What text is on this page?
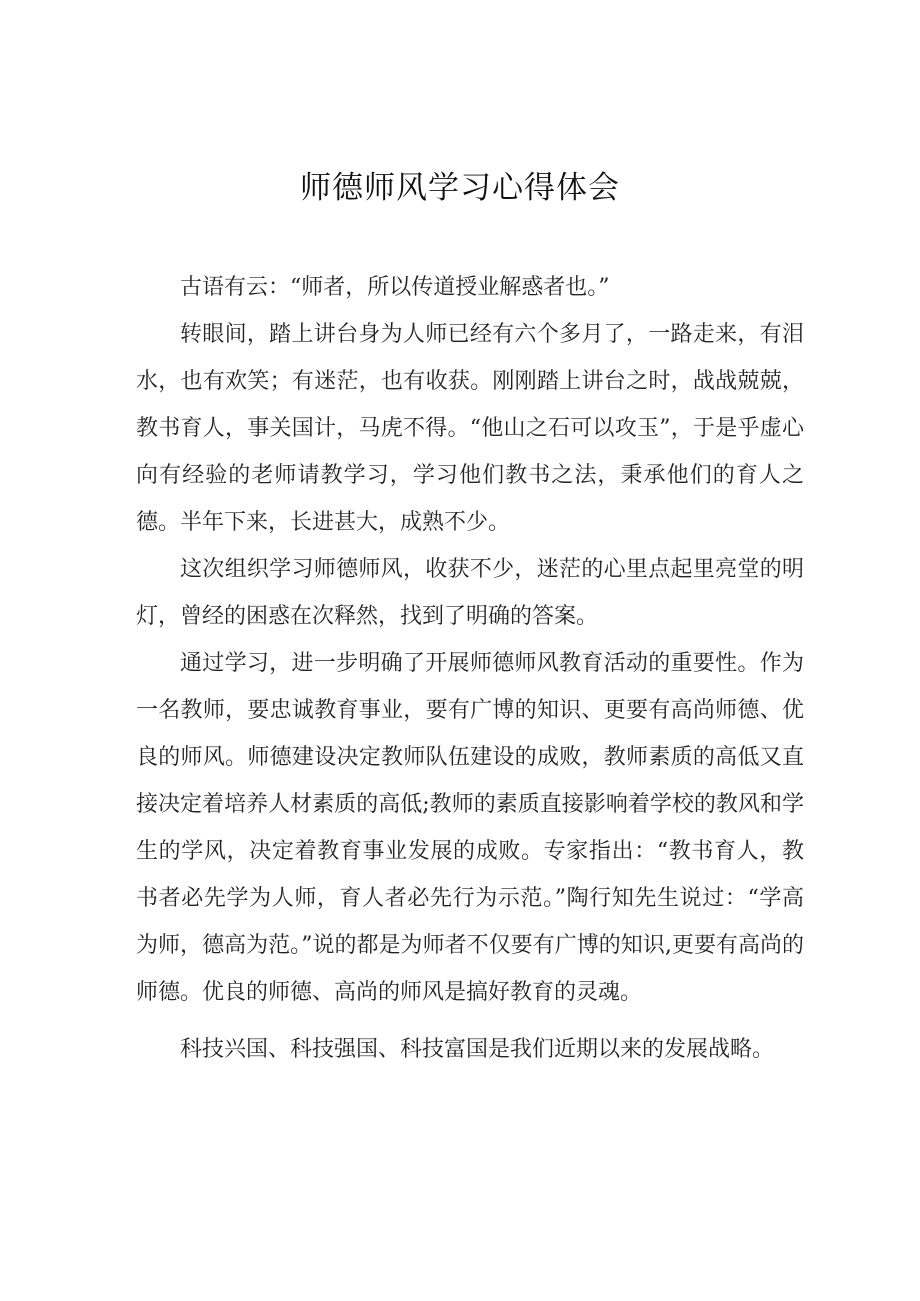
师德师风学习心得体会

古语有云：“师者，所以传道授业解惑者也。”

转眼间，踏上讲台身为人师已经有六个多月了，一路走来，有泪水，也有欢笑；有迷茫，也有收获。刚刚踏上讲台之时，战战兢兢，教书育人，事关国计，马虎不得。“他山之石可以攻玉”，于是乎虚心向有经验的老师请教学习，学习他们教书之法，秉承他们的育人之德。半年下来，长进甚大，成熟不少。

这次组织学习师德师风，收获不少，迷茫的心里点起里亮堂的明灯，曾经的困惑在次释然，找到了明确的答案。

通过学习，进一步明确了开展师德师风教育活动的重要性。作为一名教师，要忠诚教育事业，要有广博的知识、更要有高尚师德、优良的师风。师德建设决定教师队伍建设的成败，教师素质的高低又直接决定着培养人材素质的高低;教师的素质直接影响着学校的教风和学生的学风，决定着教育事业发展的成败。专家指出：“教书育人，教书者必先学为人师，育人者必先行为示范。”陶行知先生说过：“学高为师，德高为范。”说的都是为师者不仅要有广博的知识,更要有高尚的师德。优良的师德、高尚的师风是搞好教育的灵魂。

科技兴国、科技强国、科技富国是我们近期以来的发展战略。
